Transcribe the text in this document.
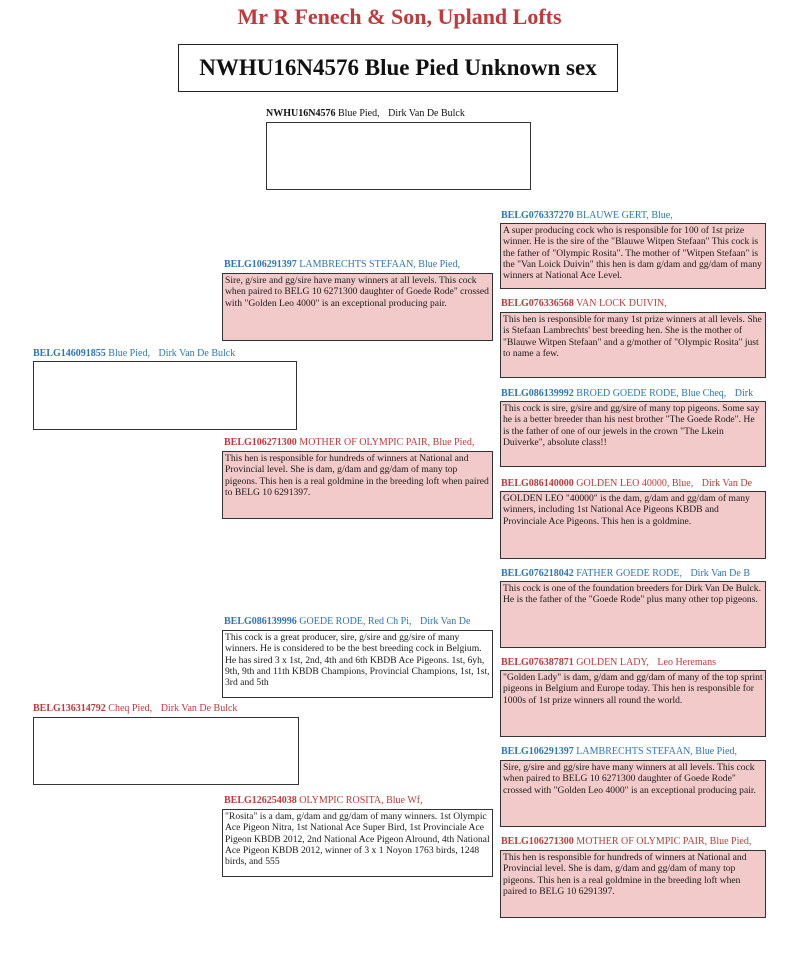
Mr R Fenech & Son, Upland Lofts
NWHU16N4576 Blue Pied Unknown sex
NWHU16N4576 Blue Pied, Dirk Van De Bulck
BELG146091855 Blue Pied, Dirk Van De Bulck
BELG136314792 Cheq Pied, Dirk Van De Bulck
BELG106291397 LAMBRECHTS STEFAAN, Blue Pied,
Sire, g/sire and gg/sire have many winners at all levels. This cock when paired to BELG 10 6271300 daughter of Goede Rode" crossed with "Golden Leo 4000" is an exceptional producing pair.
BELG106271300 MOTHER OF OLYMPIC PAIR, Blue Pied,
This hen is responsible for hundreds of winners at National and Provincial level. She is dam, g/dam and gg/dam of many top pigeons. This hen is a real goldmine in the breeding loft when paired to BELG 10 6291397.
BELG086139996 GOEDE RODE, Red Ch Pi, Dirk Van De
This cock is a great producer, sire, g/sire and gg/sire of many winners. He is considered to be the best breeding cock in Belgium. He has sired 3 x 1st, 2nd, 4th and 6th KBDB Ace Pigeons. 1st, 6yh, 9th, 9th and 11th KBDB Champions, Provincial Champions, 1st, 1st, 3rd and 5th
BELG126254038 OLYMPIC ROSITA, Blue Wf,
"Rosita" is a dam, g/dam and gg/dam of many winners. 1st Olympic Ace Pigeon Nitra, 1st National Ace Super Bird, 1st Provinciale Ace Pigeon KBDB 2012, 2nd National Ace Pigeon Alround, 4th National Ace Pigeon KBDB 2012, winner of 3 x 1 Noyon 1763 birds, 1248 birds, and 555
BELG076337270 BLAUWE GERT, Blue,
A super producing cock who is responsible for 100 of 1st prize winner. He is the sire of the "Blauwe Witpen Stefaan" This cock is the father of "Olympic Rosita". The mother of "Witpen Stefaan" is the "Van Loick Duivin" this hen is dam g/dam and gg/dam of many winners at National Ace Level.
BELG076336568 VAN LOCK DUIVIN,
This hen is responsible for many 1st prize winners at all levels. She is Stefaan Lambrechts' best breeding hen. She is the mother of "Blauwe Witpen Stefaan" and a g/mother of "Olympic Rosita" just to name a few.
BELG086139992 BROED GOEDE RODE, Blue Cheq, Dirk
This cock is sire, g/sire and gg/sire of many top pigeons. Some say he is a better breeder than his nest brother "The Goede Rode". He is the father of one of our jewels in the crown "The Lkein Duiverke", absolute class!!
BELG086140000 GOLDEN LEO 40000, Blue, Dirk Van De
GOLDEN LEO "40000" is the dam, g/dam and gg/dam of many winners, including 1st National Ace Pigeons KBDB and Provinciale Ace Pigeons. This hen is a goldmine.
BELG076218042 FATHER GOEDE RODE, Dirk Van De B
This cock is one of the foundation breeders for Dirk Van De Bulck. He is the father of the "Goede Rode" plus many other top pigeons.
BELG076387871 GOLDEN LADY, Leo Heremans
"Golden Lady" is dam, g/dam and gg/dam of many of the top sprint pigeons in Belgium and Europe today. This hen is responsible for 1000s of 1st prize winners all round the world.
BELG106291397 LAMBRECHTS STEFAAN, Blue Pied,
Sire, g/sire and gg/sire have many winners at all levels. This cock when paired to BELG 10 6271300 daughter of Goede Rode" crossed with "Golden Leo 4000" is an exceptional producing pair.
BELG106271300 MOTHER OF OLYMPIC PAIR, Blue Pied,
This hen is responsible for hundreds of winners at National and Provincial level. She is dam, g/dam and gg/dam of many top pigeons. This hen is a real goldmine in the breeding loft when paired to BELG 10 6291397.
